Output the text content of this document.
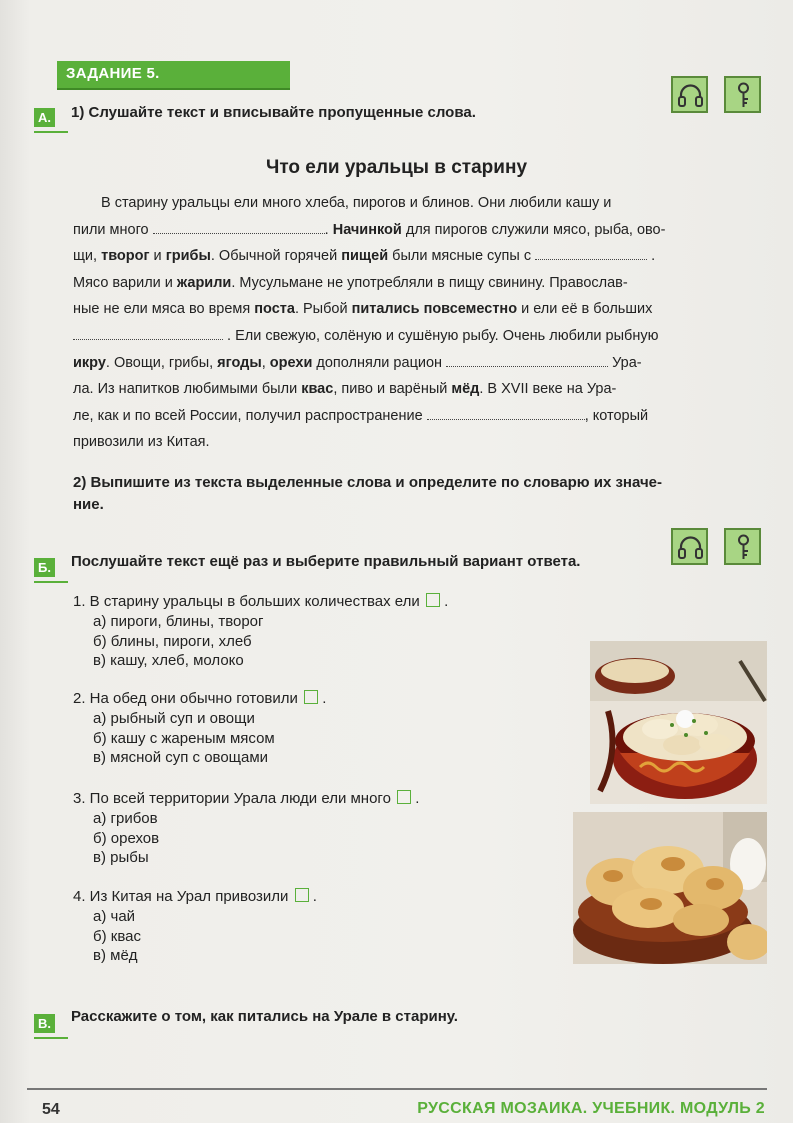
ЗАДАНИЕ 5.
А. 1) Слушайте текст и вписывайте пропущенные слова.
Что ели уральцы в старину
В старину уральцы ели много хлеба, пирогов и блинов. Они любили кашу и
пили много	. Начинкой для пирогов служили мясо, рыба, ово-
щи, творог и грибы. Обычной горячей пищей были мясные супы с	.
Мясо варили и жарили. Мусульмане не употребляли в пищу свинину. Православ-
ные не ели мяса во время поста. Рыбой питались повсеместно и ели её в больших
. Ели свежую, солёную и сушёную рыбу. Очень любили рыбную
икру. Овощи, грибы, ягоды, орехи дополняли рацион	Ура-
ла. Из напитков любимыми были квас, пиво и варёный мёд. В XVII веке на Ура-
ле, как и по всей России, получил распространение	, который
привозили из Китая.
2) Выпишите из текста выделенные слова и определите по словарю их значе-
ние.
Б. Послушайте текст ещё раз и выберите правильный вариант ответа.
1. В старину уральцы в больших количествах ели  .
а) пироги, блины, творог
б) блины, пироги, хлеб
в) кашу, хлеб, молоко
2. На обед они обычно готовили  .
а) рыбный суп и овощи
б) кашу с жареным мясом
в) мясной суп с овощами
3. По всей территории Урала люди ели много  .
а) грибов
б) орехов
в) рыбы
4. Из Китая на Урал привозили  .
а) чай
б) квас
в) мёд
В. Расскажите о том, как питались на Урале в старину.
54	РУССКАЯ МОЗАИКА. УЧЕБНИК. МОДУЛЬ 2
